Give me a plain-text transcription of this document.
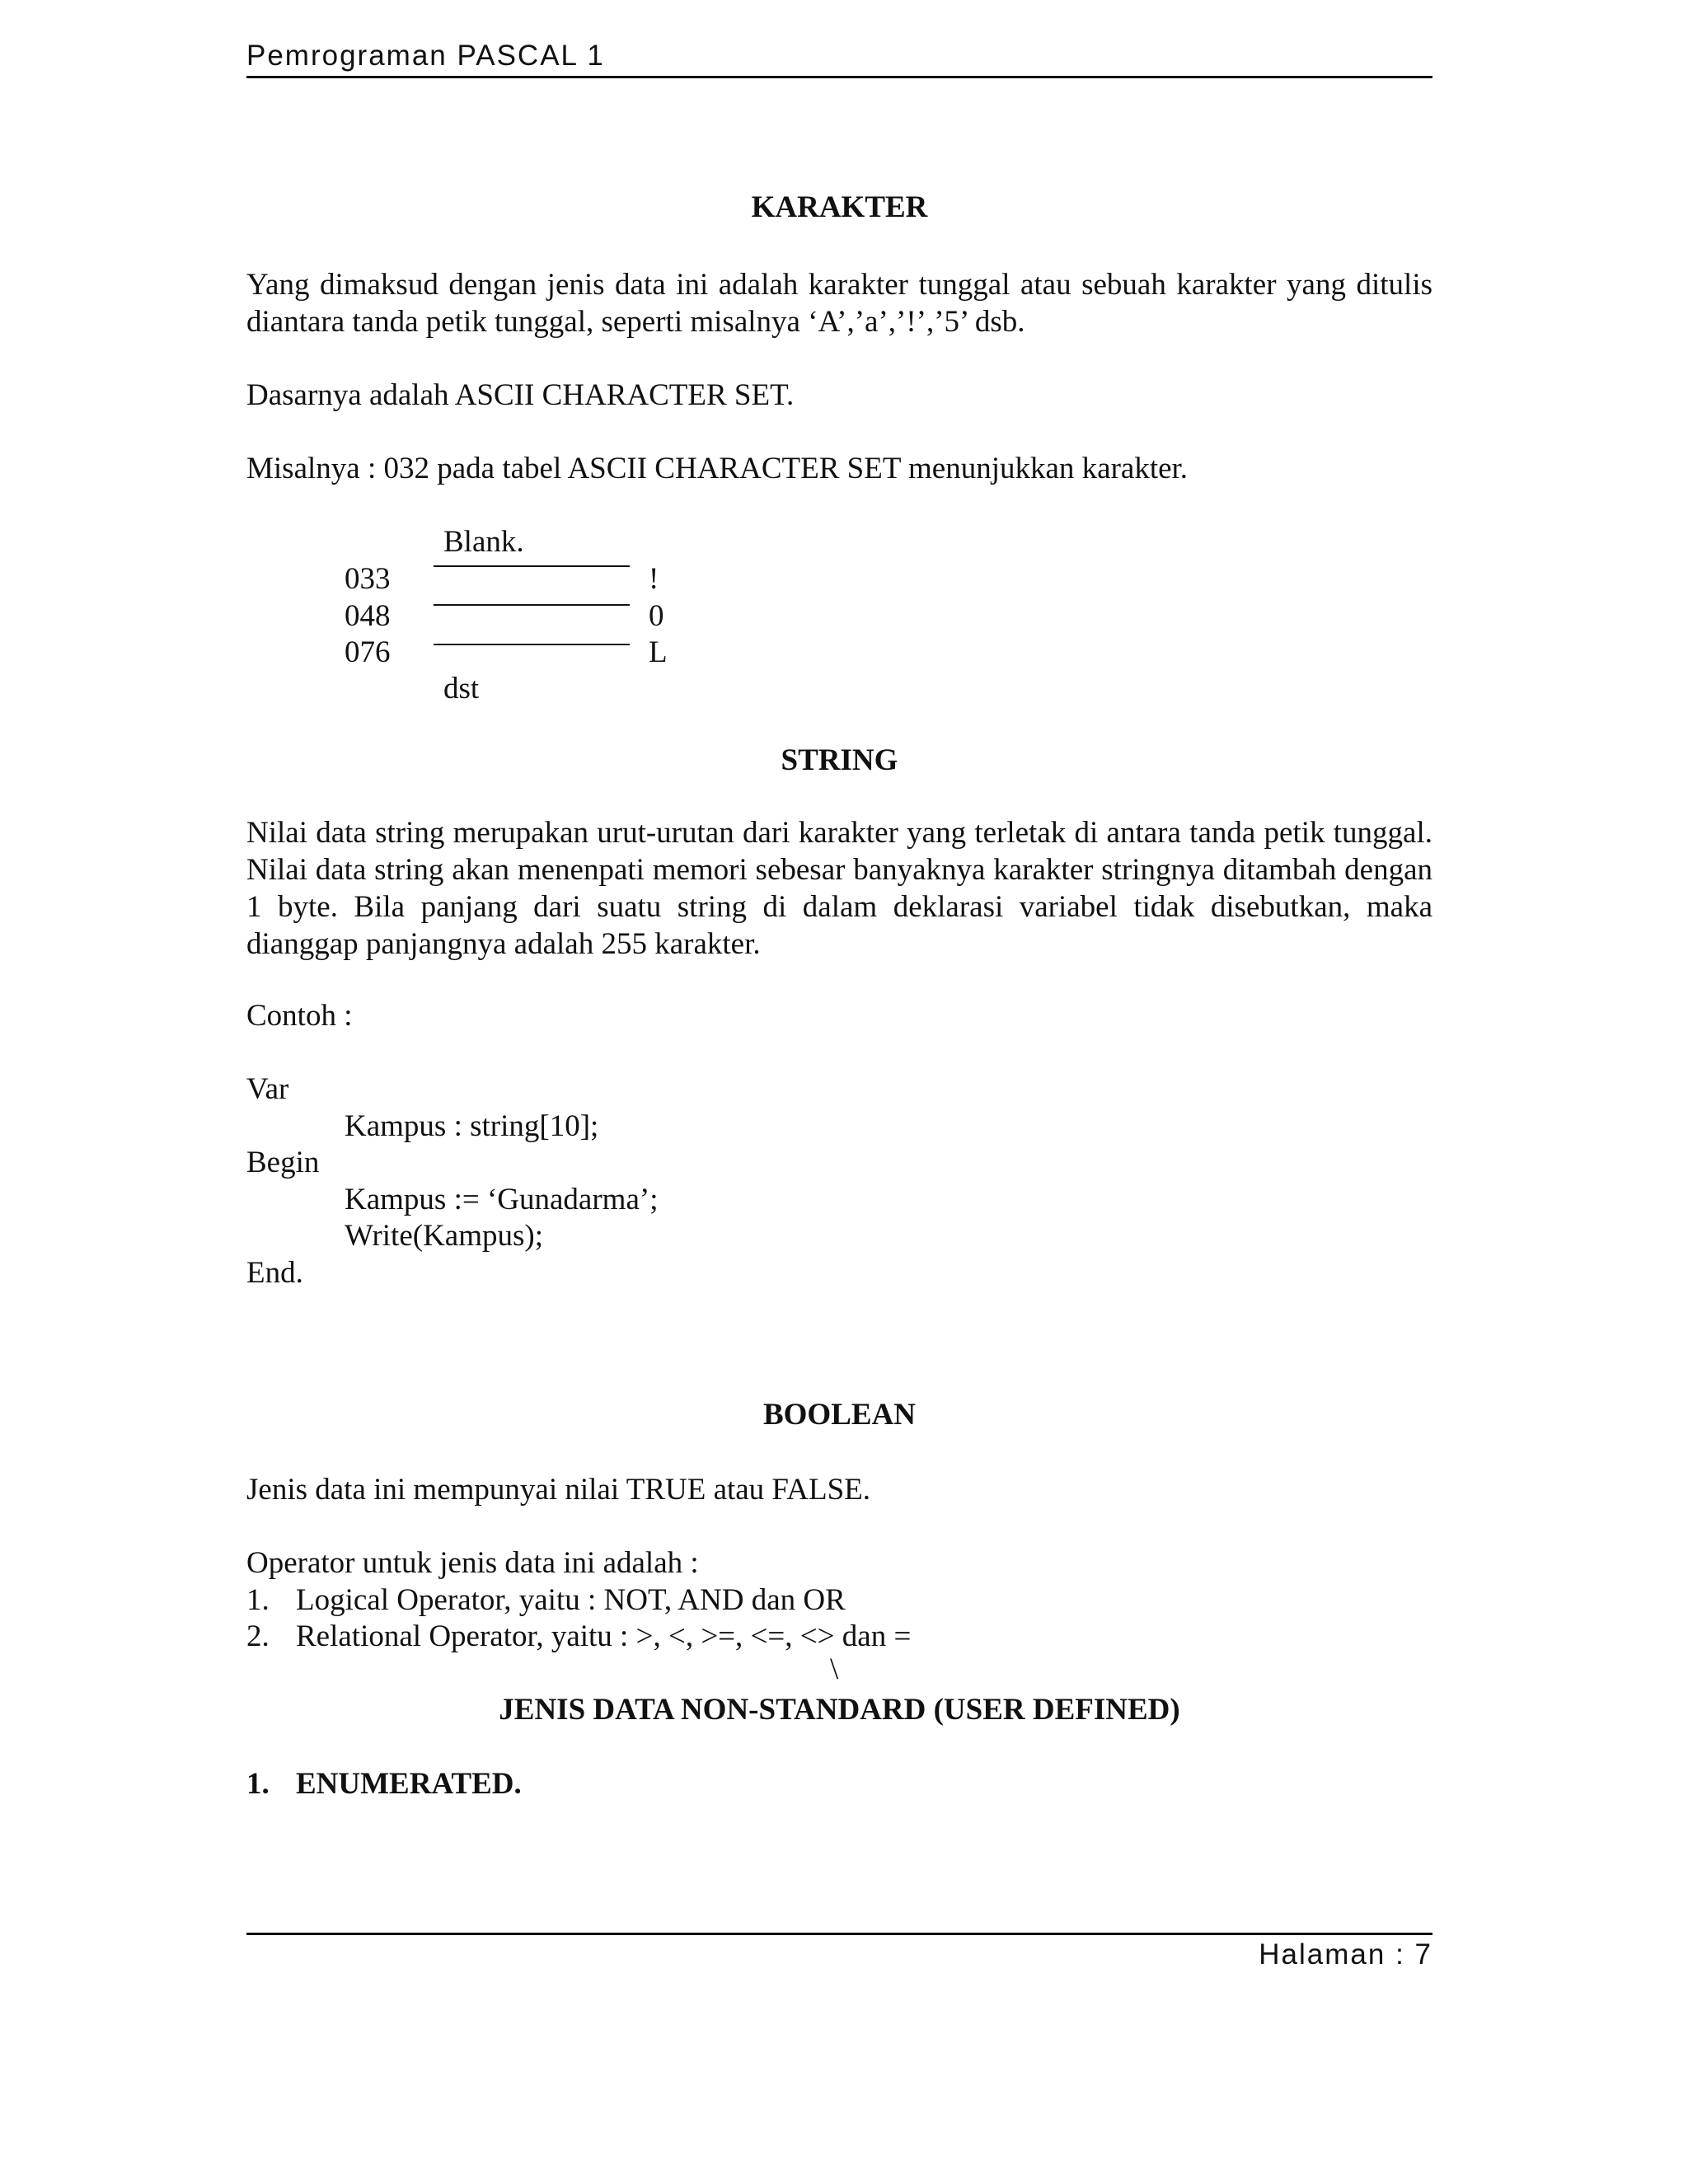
Pemrograman PASCAL 1
KARAKTER
Yang dimaksud dengan jenis data ini adalah karakter tunggal atau sebuah karakter yang ditulis diantara tanda petik tunggal, seperti misalnya ‘A’,’a’,’!’,’5’ dsb.
Dasarnya adalah ASCII CHARACTER SET.
Misalnya : 032 pada tabel ASCII CHARACTER SET menunjukkan karakter.
Blank.
033	!
048	0
076	L
dst
STRING
Nilai data string merupakan urut-urutan dari karakter yang terletak di antara tanda petik tunggal. Nilai data string akan menenpati memori sebesar banyaknya karakter stringnya ditambah dengan 1 byte. Bila panjang dari suatu string di dalam deklarasi variabel tidak disebutkan, maka dianggap panjangnya adalah 255 karakter.
Contoh :
Var
Kampus : string[10];
Begin
Kampus := ‘Gunadarma’;
Write(Kampus);
End.
BOOLEAN
Jenis data ini mempunyai nilai TRUE atau FALSE.
Operator untuk jenis data ini adalah :
1. Logical Operator, yaitu : NOT, AND dan OR
2. Relational Operator, yaitu : >, <, >=, <=, <> dan =
\
JENIS DATA NON-STANDARD (USER DEFINED)
1. ENUMERATED.
Halaman : 7
